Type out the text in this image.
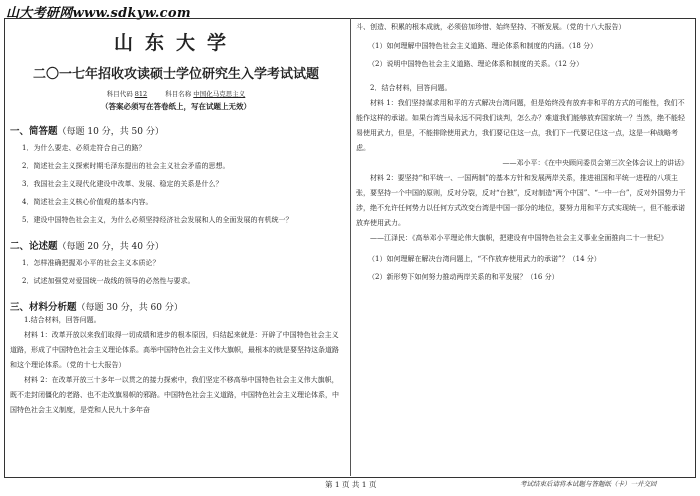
山大考研网www.sdkyw.com
山东大学
二〇一七年招收攻读硕士学位研究生入学考试试题
科目代码 812	科目名称 中国化马克思主义
（答案必须写在答卷纸上，写在试题上无效）
一、简答题（每题 10 分，共 50 分）
1．为什么要走、必须走符合自己的路？
2．简述社会主义探索时期毛泽东提出的社会主义社会矛盾的思想。
3．我国社会主义现代化建设中改革、发展、稳定的关系是什么？
4．简述社会主义核心价值观的基本内容。
5．建设中国特色社会主义，为什么必须坚持经济社会发展和人的全面发展的有机统一？
二、论述题（每题 20 分，共 40 分）
1．怎样准确把握邓小平的社会主义本质论？
2．试述加强党对爱国统一战线的领导的必然性与要求。
三、材料分析题（每题 30 分，共 60 分）
1.结合材料，回答问题。
材料 1：改革开放以来我们取得一切成绩和进步的根本原因，归结起来就是：开辟了中国特色社会主义道路，形成了中国特色社会主义理论体系。高举中国特色社会主义伟大旗帜，最根本的就是要坚持这条道路和这个理论体系。（党的十七大报告）
材料 2：在改革开放三十多年一以贯之的接力探索中，我们坚定不移高举中国特色社会主义伟大旗帜，既不走封闭僵化的老路、也不走改旗易帜的邪路。中国特色社会主义道路，中国特色社会主义理论体系，中国特色社会主义制度，是党和人民九十多年奋
斗、创造、积累的根本成就，必须倍加珍惜、始终坚持、不断发展。（党的十八大报告）
（1）如何理解中国特色社会主义道路、理论体系和制度的内涵。（18 分）
（2）说明中国特色社会主义道路、理论体系和制度的关系。（12 分）
2．结合材料，回答问题。
材料 1：我们坚持谋求用和平的方式解决台湾问题，但是始终没有放弃非和平的方式的可能性，我们不能作这样的承诺。如果台湾当局永远不同我们谈判，怎么办？难道我们能够放弃国家统一？当然，绝不能轻易使用武力，但是，不能排除使用武力，我们要记住这一点，我们下一代要记住这一点，这是一种战略考虑。
——邓小平：《在中央顾问委员会第三次全体会议上的讲话》
材料 2：要坚持“和平统一、一国两制”的基本方针和发展两岸关系，推进祖国和平统一进程的八项主张，要坚持一个中国的原则，反对分裂，反对“台独”，反对制造“两个中国”、“一中一台”，反对外国势力干涉，绝不允许任何势力以任何方式改变台湾是中国一部分的地位，要努力用和平方式实现统一，但不能承诺放弃使用武力。
——江泽民：《高举邓小平理论伟大旗帜，把建设有中国特色社会主义事业全面推向二十一世纪》
（1）如何理解在解决台湾问题上，“不作放弃使用武力的承诺”？（14 分）
（2）新形势下如何努力推动两岸关系的和平发展？（16 分）
第 1 页 共 1 页	考试结束后请将本试题与答题纸（卡）一并交回
